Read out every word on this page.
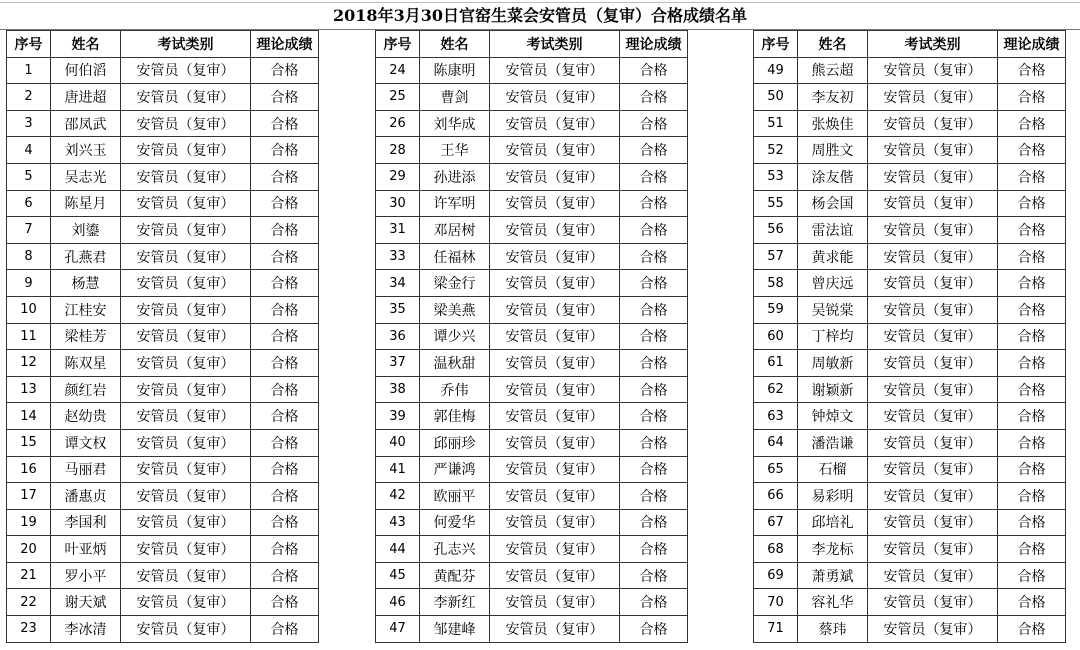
2018年3月30日官窑生菜会安管员（复审）合格成绩名单
序号	姓名	考试类别	理论成绩
1	何伯滔	安管员（复审）	合格
2	唐进超	安管员（复审）	合格
3	邵凤武	安管员（复审）	合格
4	刘兴玉	安管员（复审）	合格
5	吴志光	安管员（复审）	合格
6	陈星月	安管员（复审）	合格
7	刘鎏	安管员（复审）	合格
8	孔燕君	安管员（复审）	合格
9	杨慧	安管员（复审）	合格
10	江桂安	安管员（复审）	合格
11	梁桂芳	安管员（复审）	合格
12	陈双星	安管员（复审）	合格
13	颜红岩	安管员（复审）	合格
14	赵幼贵	安管员（复审）	合格
15	谭文权	安管员（复审）	合格
16	马丽君	安管员（复审）	合格
17	潘惠贞	安管员（复审）	合格
19	李国利	安管员（复审）	合格
20	叶亚炳	安管员（复审）	合格
21	罗小平	安管员（复审）	合格
22	谢天斌	安管员（复审）	合格
23	李冰清	安管员（复审）	合格
序号	姓名	考试类别	理论成绩
24	陈康明	安管员（复审）	合格
25	曹剑	安管员（复审）	合格
26	刘华成	安管员（复审）	合格
28	王华	安管员（复审）	合格
29	孙进添	安管员（复审）	合格
30	许军明	安管员（复审）	合格
31	邓居树	安管员（复审）	合格
33	任福林	安管员（复审）	合格
34	梁金行	安管员（复审）	合格
35	梁美燕	安管员（复审）	合格
36	谭少兴	安管员（复审）	合格
37	温秋甜	安管员（复审）	合格
38	乔伟	安管员（复审）	合格
39	郭佳梅	安管员（复审）	合格
40	邱丽珍	安管员（复审）	合格
41	严谦鸿	安管员（复审）	合格
42	欧丽平	安管员（复审）	合格
43	何爱华	安管员（复审）	合格
44	孔志兴	安管员（复审）	合格
45	黄配芬	安管员（复审）	合格
46	李新红	安管员（复审）	合格
47	邹建峰	安管员（复审）	合格
序号	姓名	考试类别	理论成绩
49	熊云超	安管员（复审）	合格
50	李友初	安管员（复审）	合格
51	张焕佳	安管员（复审）	合格
52	周胜文	安管员（复审）	合格
53	涂友偕	安管员（复审）	合格
55	杨会国	安管员（复审）	合格
56	雷法谊	安管员（复审）	合格
57	黄求能	安管员（复审）	合格
58	曾庆远	安管员（复审）	合格
59	吴锐棠	安管员（复审）	合格
60	丁梓均	安管员（复审）	合格
61	周敏新	安管员（复审）	合格
62	谢颖新	安管员（复审）	合格
63	钟焯文	安管员（复审）	合格
64	潘浩谦	安管员（复审）	合格
65	石榴	安管员（复审）	合格
66	易彩明	安管员（复审）	合格
67	邱培礼	安管员（复审）	合格
68	李龙标	安管员（复审）	合格
69	萧勇斌	安管员（复审）	合格
70	容礼华	安管员（复审）	合格
71	蔡玮	安管员（复审）	合格
